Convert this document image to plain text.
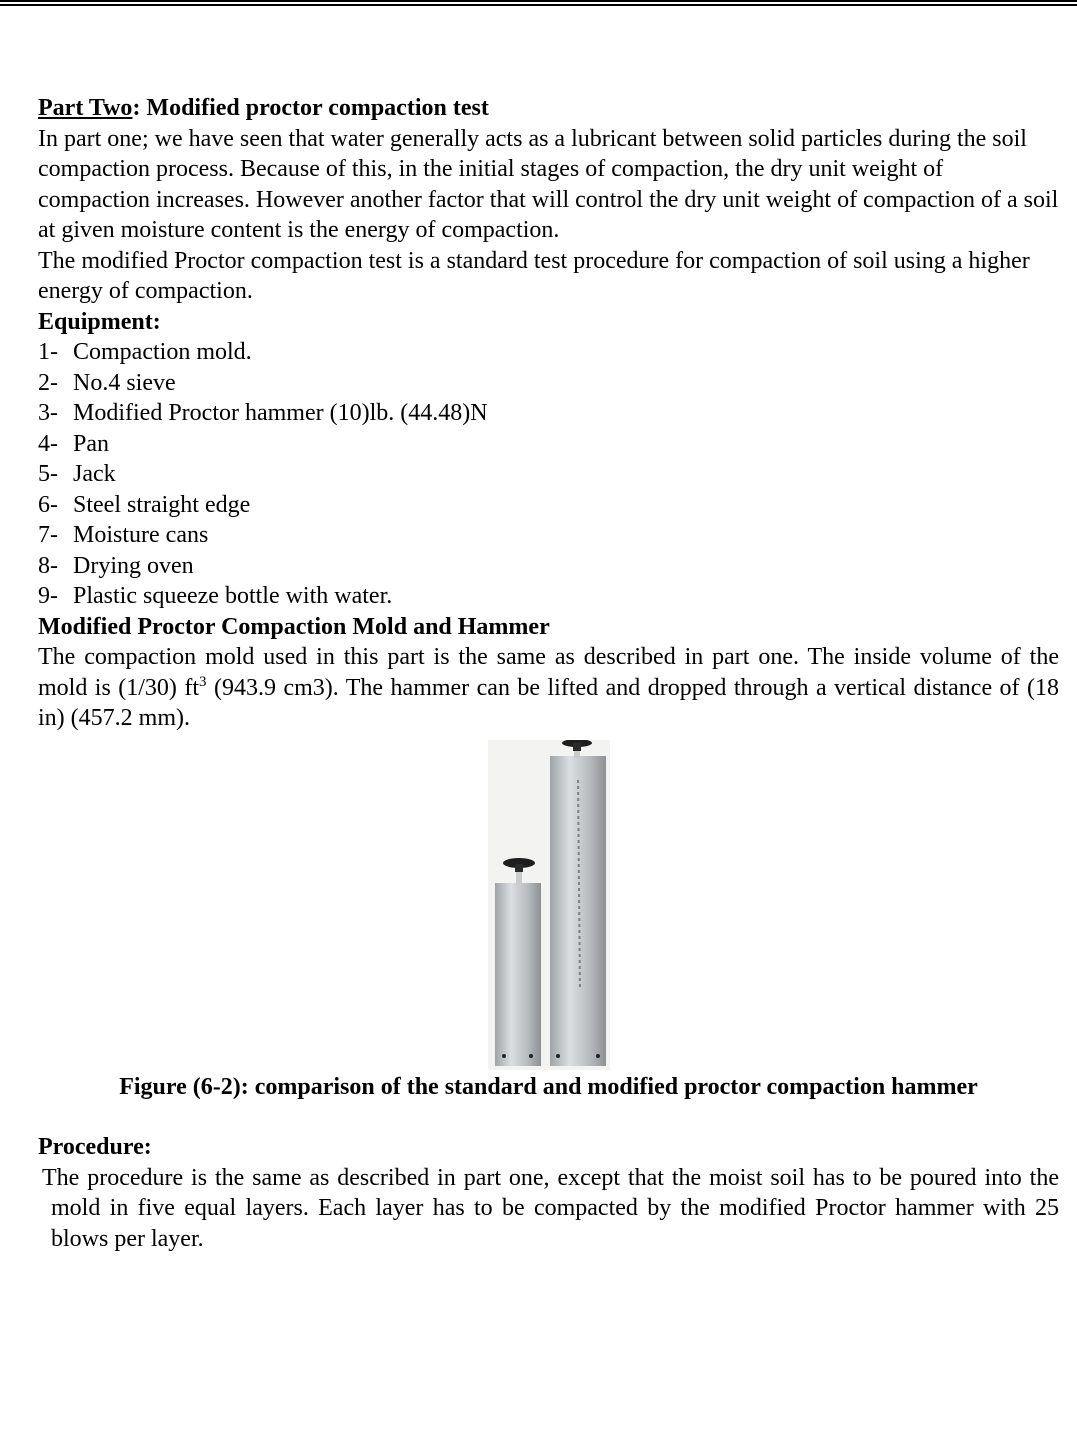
Part Two: Modified proctor compaction test

In part one; we have seen that water generally acts as a lubricant between solid particles during the soil compaction process. Because of this, in the initial stages of compaction, the dry unit weight of compaction increases. However another factor that will control the dry unit weight of compaction of a soil at given moisture content is the energy of compaction.

The modified Proctor compaction test is a standard test procedure for compaction of soil using a higher energy of compaction.

Equipment:

1- Compaction mold.
2- No.4 sieve
3- Modified Proctor hammer (10)lb. (44.48)N
4- Pan
5- Jack
6- Steel straight edge
7- Moisture cans
8- Drying oven
9- Plastic squeeze bottle with water.

Modified Proctor Compaction Mold and Hammer

The compaction mold used in this part is the same as described in part one. The inside volume of the mold is (1/30) $ft^3$ (943.9 cm3). The hammer can be lifted and dropped through a vertical distance of (18 in) (457.2 mm).

Figure (6-2): comparison of the standard and modified proctor compaction hammer

Procedure:

The procedure is the same as described in part one, except that the moist soil has to be poured into the mold in five equal layers. Each layer has to be compacted by the modified Proctor hammer with 25 blows per layer.
